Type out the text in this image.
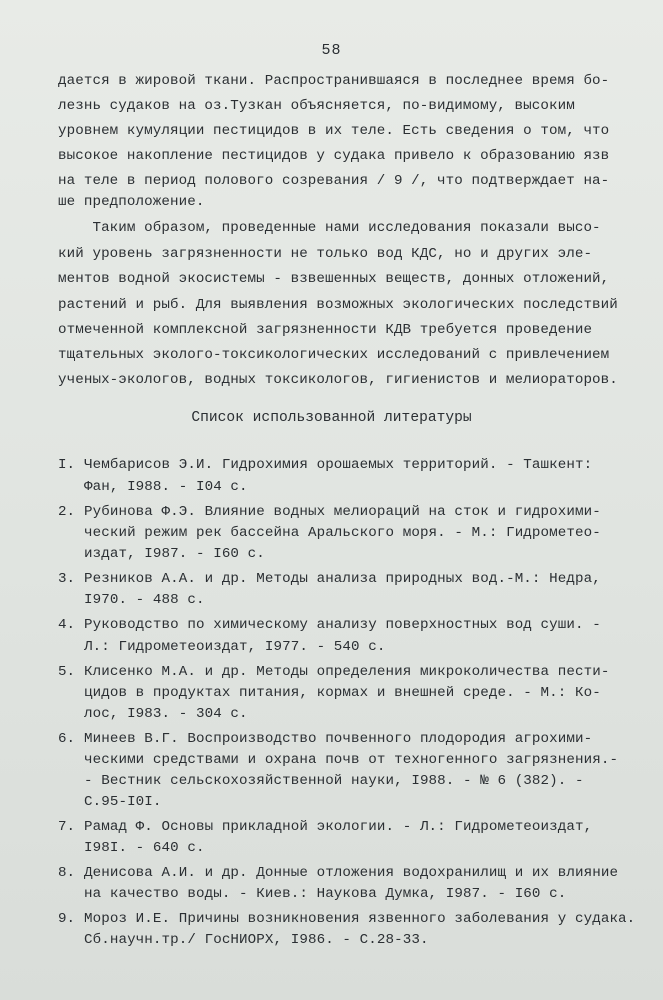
58
дается в жировой ткани. Распространившаяся в последнее время бо-
лезнь судаков на оз.Тузкан объясняется, по-видимому, высоким
уровнем кумуляции пестицидов в их теле. Есть сведения о том, что
высокое накопление пестицидов у судака привело к образованию язв
на теле в период полового созревания / 9 /, что подтверждает на-
ше предположение.
Таким образом, проведенные нами исследования показали высо-
кий уровень загрязненности не только вод КДС, но и других эле-
ментов водной экосистемы - взвешенных веществ, донных отложений,
растений и рыб. Для выявления возможных экологических последствий
отмеченной комплексной загрязненности КДВ требуется проведение
тщательных эколого-токсикологических исследований с привлечением
ученых-экологов, водных токсикологов, гигиенистов и мелиораторов.
Список использованной литературы
I. Чембарисов Э.И. Гидрохимия орошаемых территорий. - Ташкент:
Фан, I988. - I04 с.
2. Рубинова Ф.Э. Влияние водных мелиораций на сток и гидрохими-
ческий режим рек бассейна Аральского моря. - М.: Гидрометео-
издат, I987. - I60 с.
3. Резников А.А. и др. Методы анализа природных вод.-М.: Недра,
I970. - 488 с.
4. Руководство по химическому анализу поверхностных вод суши. -
Л.: Гидрометеоиздат, I977. - 540 с.
5. Клисенко М.А. и др. Методы определения микроколичества пести-
цидов в продуктах питания, кормах и внешней среде. - М.: Ко-
лос, I983. - 304 с.
6. Минеев В.Г. Воспроизводство почвенного плодородия агрохими-
ческими средствами и охрана почв от техногенного загрязнения.-
- Вестник сельскохозяйственной науки, I988. - № 6 (382). -
С.95-I0I.
7. Рамад Ф. Основы прикладной экологии. - Л.: Гидрометеоиздат,
I98I. - 640 с.
8. Денисова А.И. и др. Донные отложения водохранилищ и их влияние
на качество воды. - Киев.: Наукова Думка, I987. - I60 с.
9. Мороз И.Е. Причины возникновения язвенного заболевания у судака.
Сб.научн.тр./ ГосНИОРХ, I986. - С.28-33.
